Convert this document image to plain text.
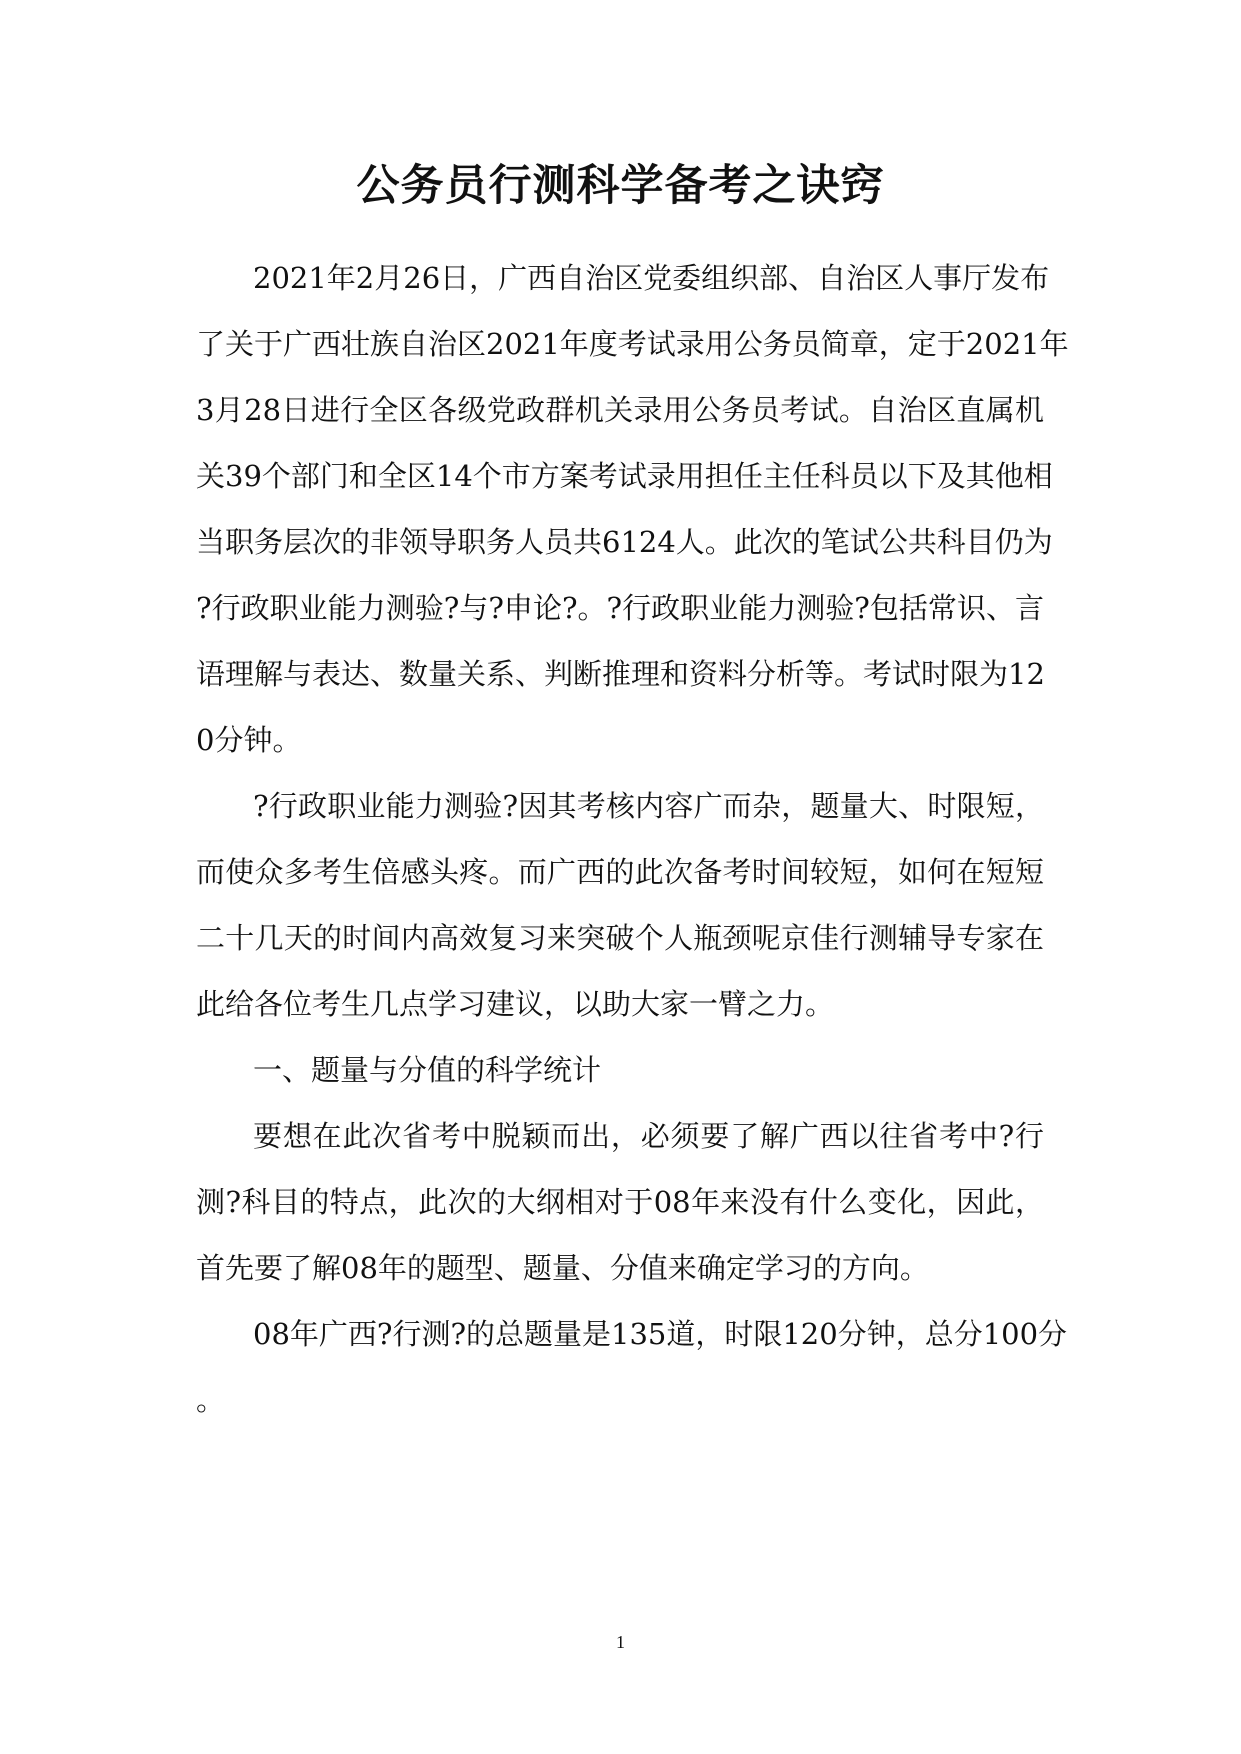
公务员行测科学备考之诀窍

2021年2月26日，广西自治区党委组织部、自治区人事厅发布

了关于广西壮族自治区2021年度考试录用公务员简章，定于2021年

3月28日进行全区各级党政群机关录用公务员考试。自治区直属机

关39个部门和全区14个市方案考试录用担任主任科员以下及其他相

当职务层次的非领导职务人员共6124人。此次的笔试公共科目仍为

?行政职业能力测验?与?申论?。?行政职业能力测验?包括常识、言

语理解与表达、数量关系、判断推理和资料分析等。考试时限为12

0分钟。

?行政职业能力测验?因其考核内容广而杂，题量大、时限短，

而使众多考生倍感头疼。而广西的此次备考时间较短，如何在短短

二十几天的时间内高效复习来突破个人瓶颈呢京佳行测辅导专家在

此给各位考生几点学习建议，以助大家一臂之力。

一、题量与分值的科学统计

要想在此次省考中脱颖而出，必须要了解广西以往省考中?行

测?科目的特点，此次的大纲相对于08年来没有什么变化，因此，

首先要了解08年的题型、题量、分值来确定学习的方向。

08年广西?行测?的总题量是135道，时限120分钟，总分100分

。

1
